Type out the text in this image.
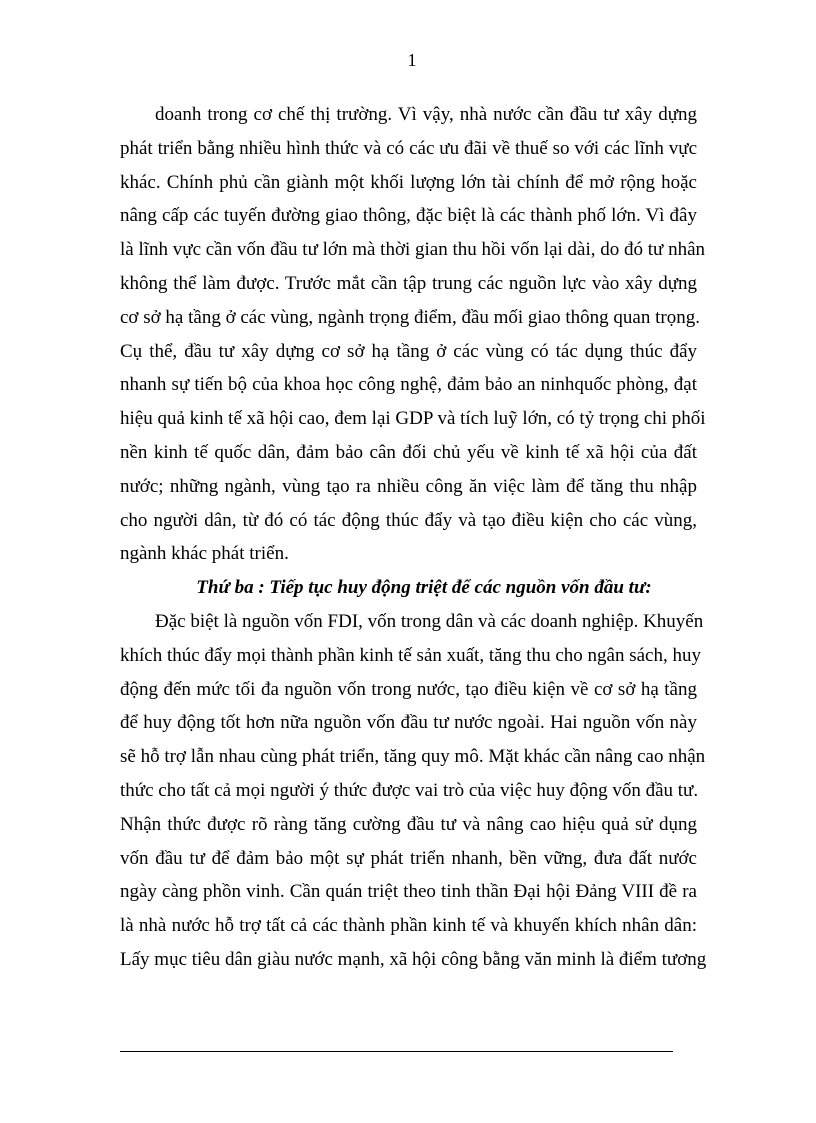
1
doanh trong cơ chế thị trường. Vì vậy, nhà nước cần đầu tư xây dựng
phát triển bằng nhiều hình thức và có các ưu đãi về thuế so với các lĩnh vực
khác. Chính phủ cần giành một khối lượng lớn tài chính để mở rộng hoặc
nâng cấp các tuyến đường giao thông, đặc biệt là các thành phố lớn. Vì đây
là lĩnh vực cần vốn đầu tư lớn mà thời gian thu hồi vốn lại dài, do đó tư nhân
không thể làm được. Trước mắt cần tập trung các nguồn lực vào xây dựng
cơ sở hạ tầng ở các vùng, ngành trọng điểm, đầu mối giao thông quan trọng.
Cụ thể, đầu tư xây dựng cơ sở hạ tầng ở các vùng có tác dụng thúc đẩy
nhanh sự tiến bộ của khoa học công nghệ, đảm bảo an ninhquốc phòng, đạt
hiệu quả kinh tế xã hội cao, đem lại GDP và tích luỹ lớn, có tỷ trọng chi phối
nền kinh tế quốc dân, đảm bảo cân đối chủ yếu về kinh tế xã hội của đất
nước; những ngành, vùng tạo ra nhiều công ăn việc làm để tăng thu nhập
cho người dân, từ đó có tác động thúc đẩy và tạo điều kiện cho các vùng,
ngành khác phát triển.
Thứ ba : Tiếp tục huy động triệt để các nguồn vốn đầu tư:
Đặc biệt là nguồn vốn FDI, vốn trong dân và các doanh nghiệp. Khuyến
khích thúc đẩy mọi thành phần kinh tế sản xuất, tăng thu cho ngân sách, huy
động đến mức tối đa nguồn vốn trong nước, tạo điều kiện về cơ sở hạ tầng
để huy động tốt hơn nữa nguồn vốn đầu tư nước ngoài. Hai nguồn vốn này
sẽ hỗ trợ lẫn nhau cùng phát triển, tăng quy mô. Mặt khác cần nâng cao nhận
thức cho tất cả mọi người ý thức được vai trò của việc huy động vốn đầu tư.
Nhận thức được rõ ràng tăng cường đầu tư và nâng cao hiệu quả sử dụng
vốn đầu tư để đảm bảo một sự phát triển nhanh, bền vững, đưa đất nước
ngày càng phồn vinh. Cần quán triệt theo tinh thần Đại hội Đảng VIII đề ra
là nhà nước hỗ trợ tất cả các thành phần kinh tế và khuyến khích nhân dân:
Lấy mục tiêu dân giàu nước mạnh, xã hội công bằng văn minh là điểm tương
